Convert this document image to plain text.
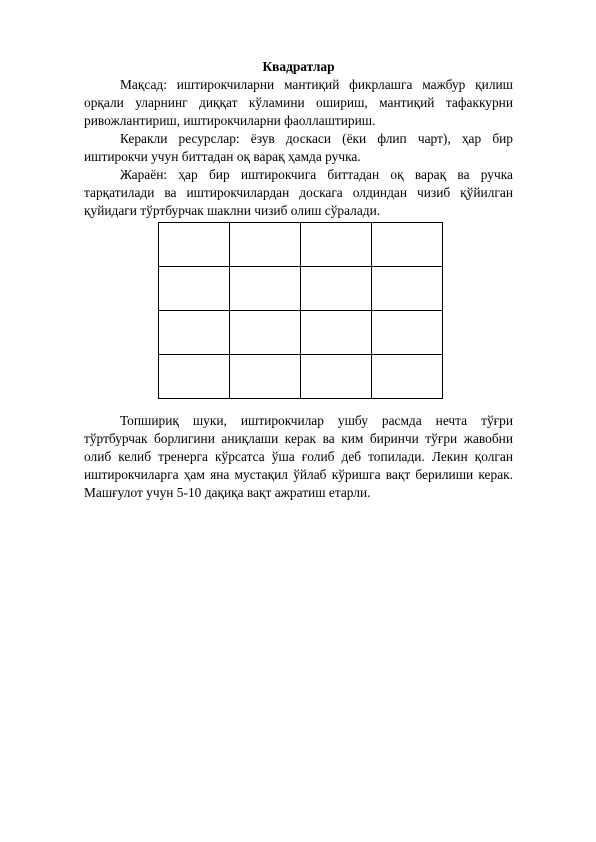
Квадратлар

Мақсад: иштирокчиларни мантиқий фикрлашга мажбур қилиш орқали уларнинг диққат кўламини ошириш, мантиқий тафаккурни ривожлантириш, иштирокчиларни фаоллаштириш.

Керакли ресурслар: ёзув доскаси (ёки флип чарт), ҳар бир иштирокчи учун биттадан оқ варақ ҳамда ручка.

Жараён: ҳар бир иштирокчига биттадан оқ варақ ва ручка тарқатилади ва иштирокчилардан доскага олдиндан чизиб қўйилган қуйидаги тўртбурчак шаклни чизиб олиш сўралади.

Топшириқ шуки, иштирокчилар ушбу расмда нечта тўғри тўртбурчак борлигини аниқлаши керак ва ким биринчи тўғри жавобни олиб келиб тренерга кўрсатса ўша ғолиб деб топилади. Лекин қолган иштирокчиларга ҳам яна мустақил ўйлаб кўришга вақт берилиши керак. Машғулот учун 5-10 дақиқа вақт ажратиш етарли.
